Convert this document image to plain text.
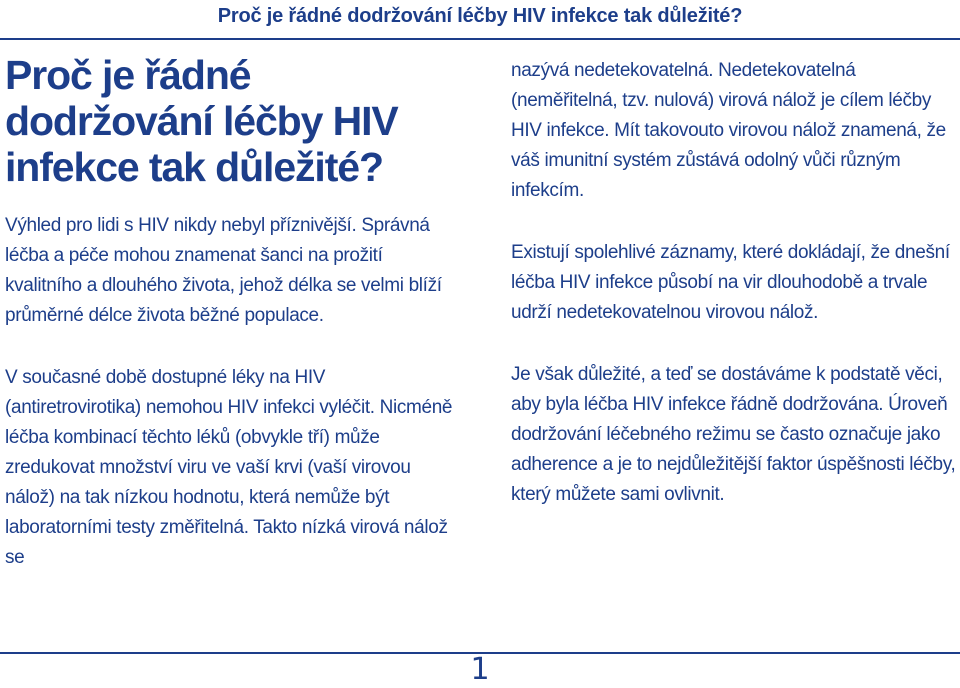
Proč je řádné dodržování léčby HIV infekce tak důležité?
Proč je řádné dodržování léčby HIV infekce tak důležité?

Výhled pro lidi s HIV nikdy nebyl příznivější. Správná léčba a péče mohou znamenat šanci na prožití kvalitního a dlouhého života, jehož délka se velmi blíží průměrné délce života běžné populace.

V současné době dostupné léky na HIV (antiretrovirotika) nemohou HIV infekci vyléčit. Nicméně léčba kombinací těchto léků (obvykle tří) může zredukovat množství viru ve vaší krvi (vaší virovou nálož) na tak nízkou hodnotu, která nemůže být laboratorními testy změřitelná. Takto nízká virová nálož se

nazývá nedetekovatelná. Nedetekovatelná (neměřitelná, tzv. nulová) virová nálož je cílem léčby HIV infekce. Mít takovouto virovou nálož znamená, že váš imunitní systém zůstává odolný vůči různým infekcím.

Existují spolehlivé záznamy, které dokládají, že dnešní léčba HIV infekce působí na vir dlouhodobě a trvale udrží nedetekovatelnou virovou nálož.

Je však důležité, a teď se dostáváme k podstatě věci, aby byla léčba HIV infekce řádně dodržována. Úroveň dodržování léčebného režimu se často označuje jako adherence a je to nejdůležitější faktor úspěšnosti léčby, který můžete sami ovlivnit.

1
